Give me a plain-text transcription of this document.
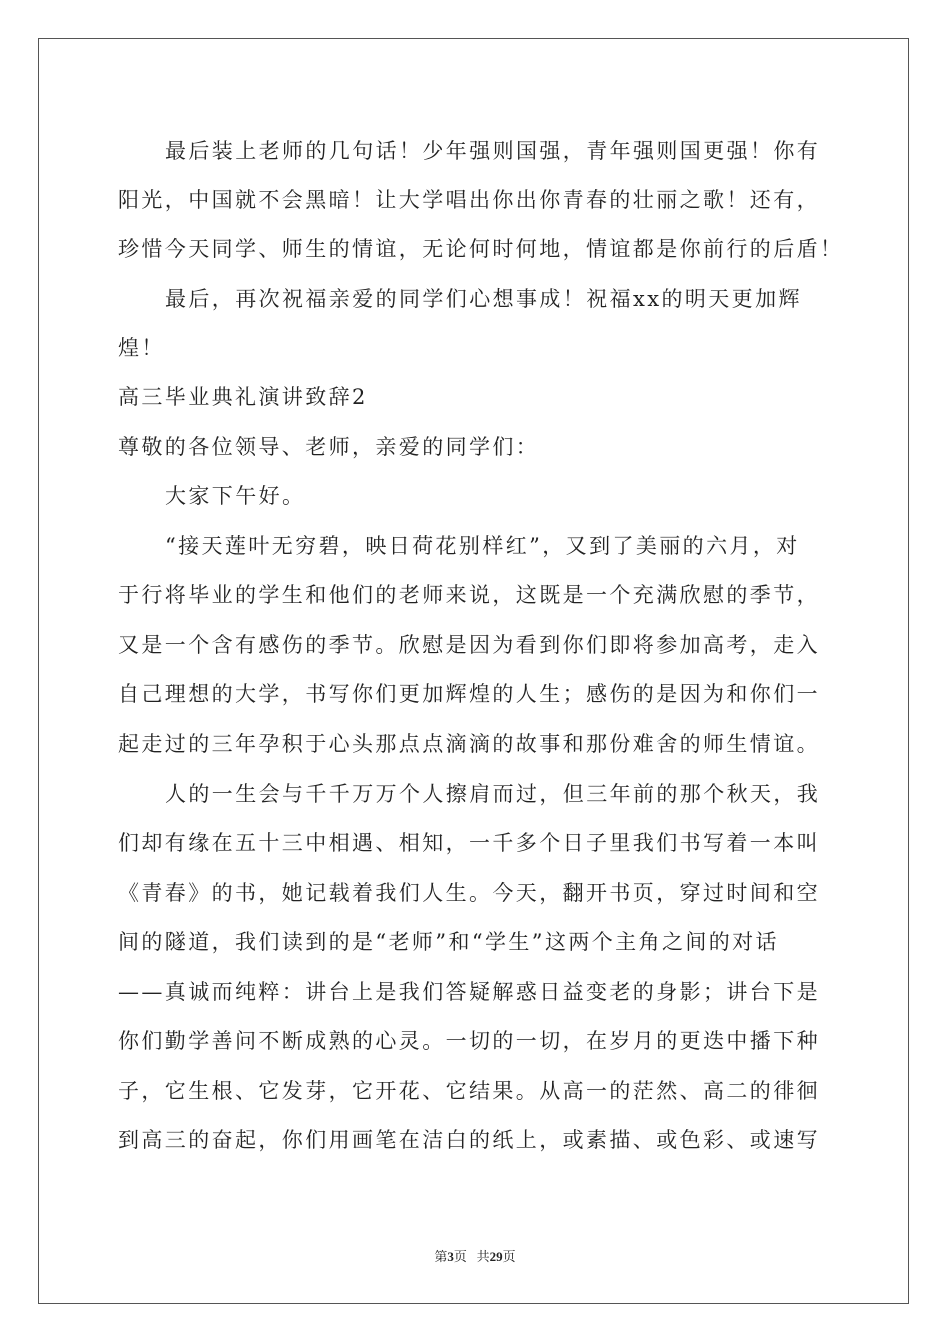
最后装上老师的几句话！少年强则国强，青年强则国更强！你有
阳光，中国就不会黑暗！让大学唱出你出你青春的壮丽之歌！还有，
珍惜今天同学、师生的情谊，无论何时何地，情谊都是你前行的后盾！
最后，再次祝福亲爱的同学们心想事成！祝福xx的明天更加辉
煌！
高三毕业典礼演讲致辞2
尊敬的各位领导、老师，亲爱的同学们：
大家下午好。
“接天莲叶无穷碧，映日荷花别样红”，又到了美丽的六月，对
于行将毕业的学生和他们的老师来说，这既是一个充满欣慰的季节，
又是一个含有感伤的季节。欣慰是因为看到你们即将参加高考，走入
自己理想的大学，书写你们更加辉煌的人生；感伤的是因为和你们一
起走过的三年孕积于心头那点点滴滴的故事和那份难舍的师生情谊。
人的一生会与千千万万个人擦肩而过，但三年前的那个秋天，我
们却有缘在五十三中相遇、相知，一千多个日子里我们书写着一本叫
《青春》的书，她记载着我们人生。今天，翻开书页，穿过时间和空
间的隧道，我们读到的是“老师”和“学生”这两个主角之间的对话
——真诚而纯粹：讲台上是我们答疑解惑日益变老的身影；讲台下是
你们勤学善问不断成熟的心灵。一切的一切，在岁月的更迭中播下种
子，它生根、它发芽，它开花、它结果。从高一的茫然、高二的徘徊
到高三的奋起，你们用画笔在洁白的纸上，或素描、或色彩、或速写
第3页   共29页
